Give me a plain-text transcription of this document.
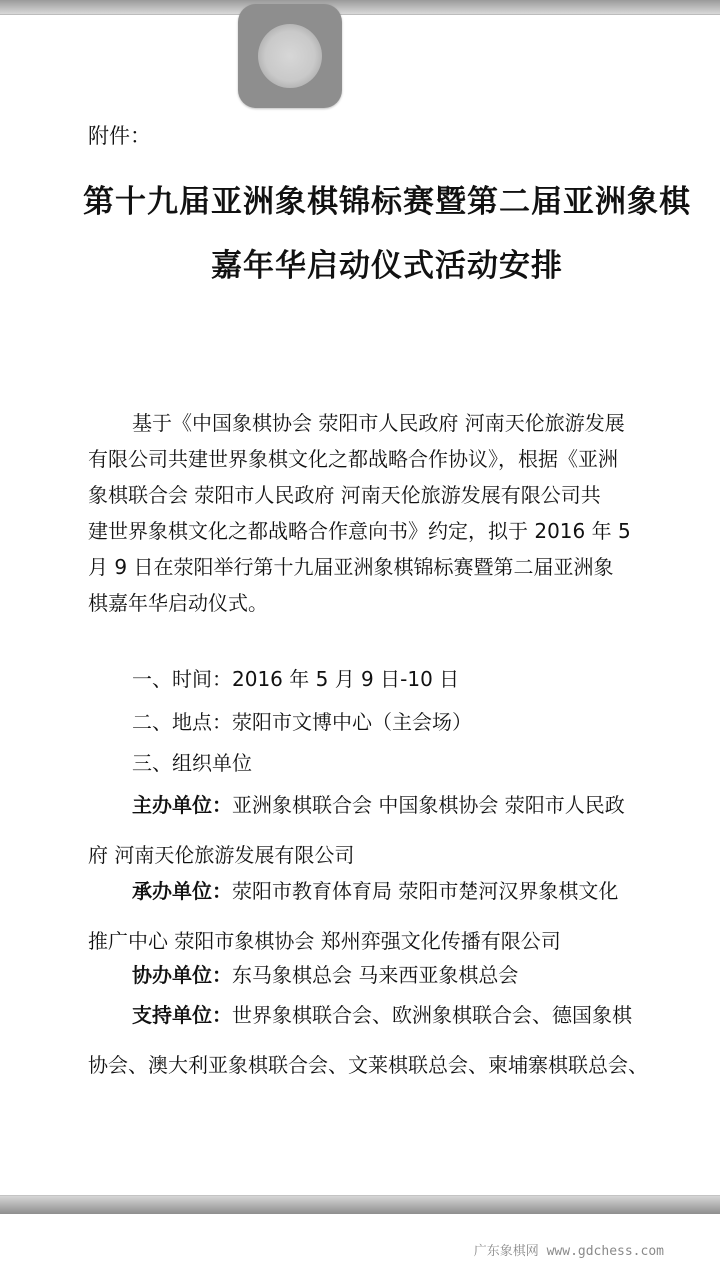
附件：
第十九届亚洲象棋锦标赛暨第二届亚洲象棋
嘉年华启动仪式活动安排
基于《中国象棋协会 荥阳市人民政府 河南天伦旅游发展
有限公司共建世界象棋文化之都战略合作协议》，根据《亚洲
象棋联合会 荥阳市人民政府 河南天伦旅游发展有限公司共
建世界象棋文化之都战略合作意向书》约定，拟于 2016 年 5
月 9 日在荥阳举行第十九届亚洲象棋锦标赛暨第二届亚洲象
棋嘉年华启动仪式。
一、时间：2016 年 5 月 9 日-10 日
二、地点：荥阳市文博中心（主会场）
三、组织单位
主办单位：亚洲象棋联合会 中国象棋协会 荥阳市人民政
府 河南天伦旅游发展有限公司
承办单位：荥阳市教育体育局 荥阳市楚河汉界象棋文化
推广中心 荥阳市象棋协会 郑州弈强文化传播有限公司
协办单位：东马象棋总会 马来西亚象棋总会
支持单位：世界象棋联合会、欧洲象棋联合会、德国象棋
协会、澳大利亚象棋联合会、文莱棋联总会、柬埔寨棋联总会、
广东象棋网 www.gdchess.com
